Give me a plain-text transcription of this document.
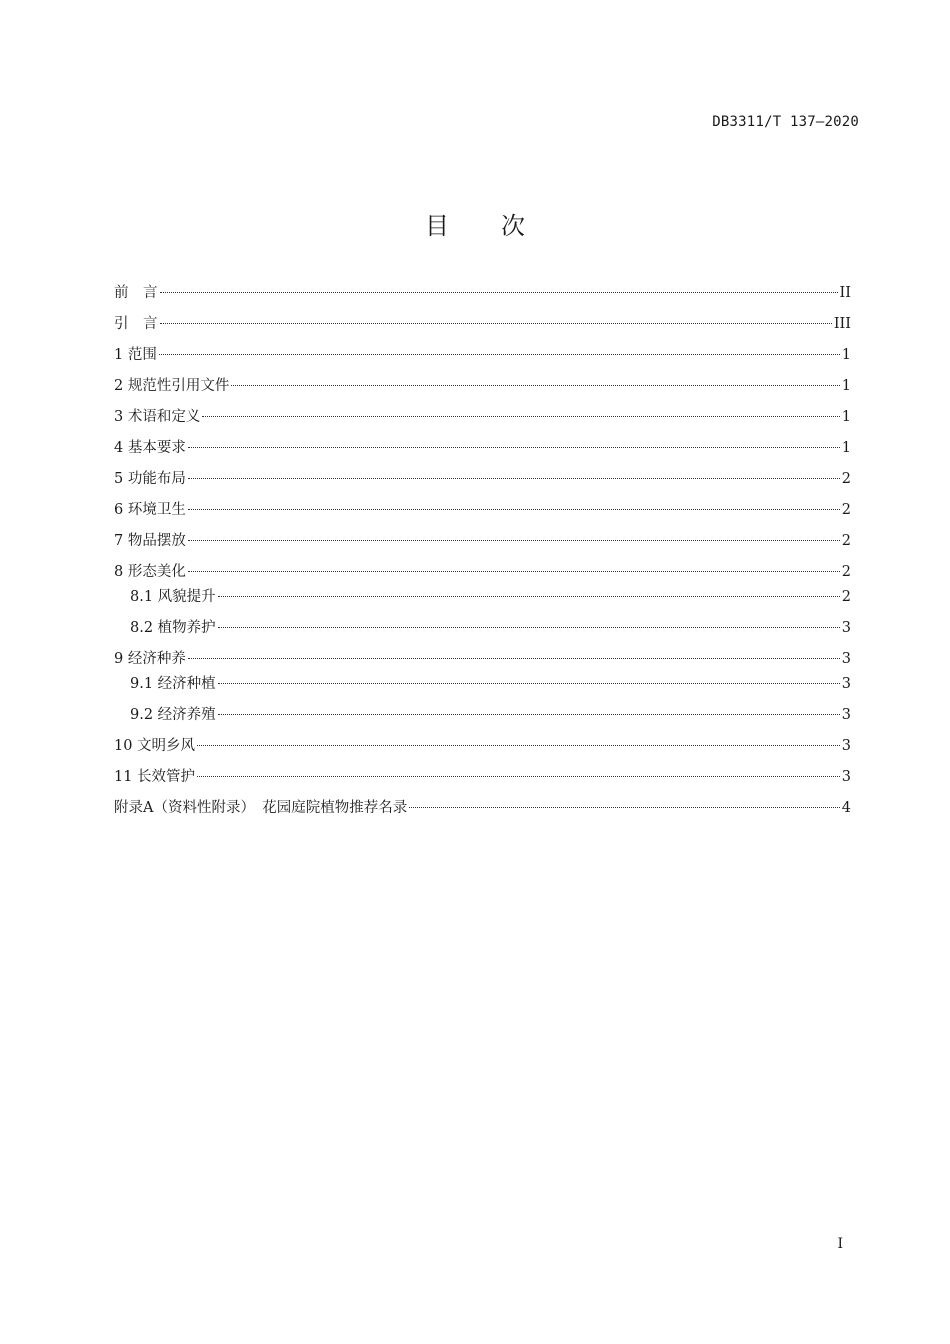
DB3311/T 137—2020
目次
前　言	II
引　言	III
1 范围	1
2 规范性引用文件	1
3 术语和定义	1
4 基本要求	1
5 功能布局	2
6 环境卫生	2
7 物品摆放	2
8 形态美化	2
8.1 风貌提升	2
8.2 植物养护	3
9 经济种养	3
9.1 经济种植	3
9.2 经济养殖	3
10 文明乡风	3
11 长效管护	3
附录A（资料性附录）　花园庭院植物推荐名录	4
I
